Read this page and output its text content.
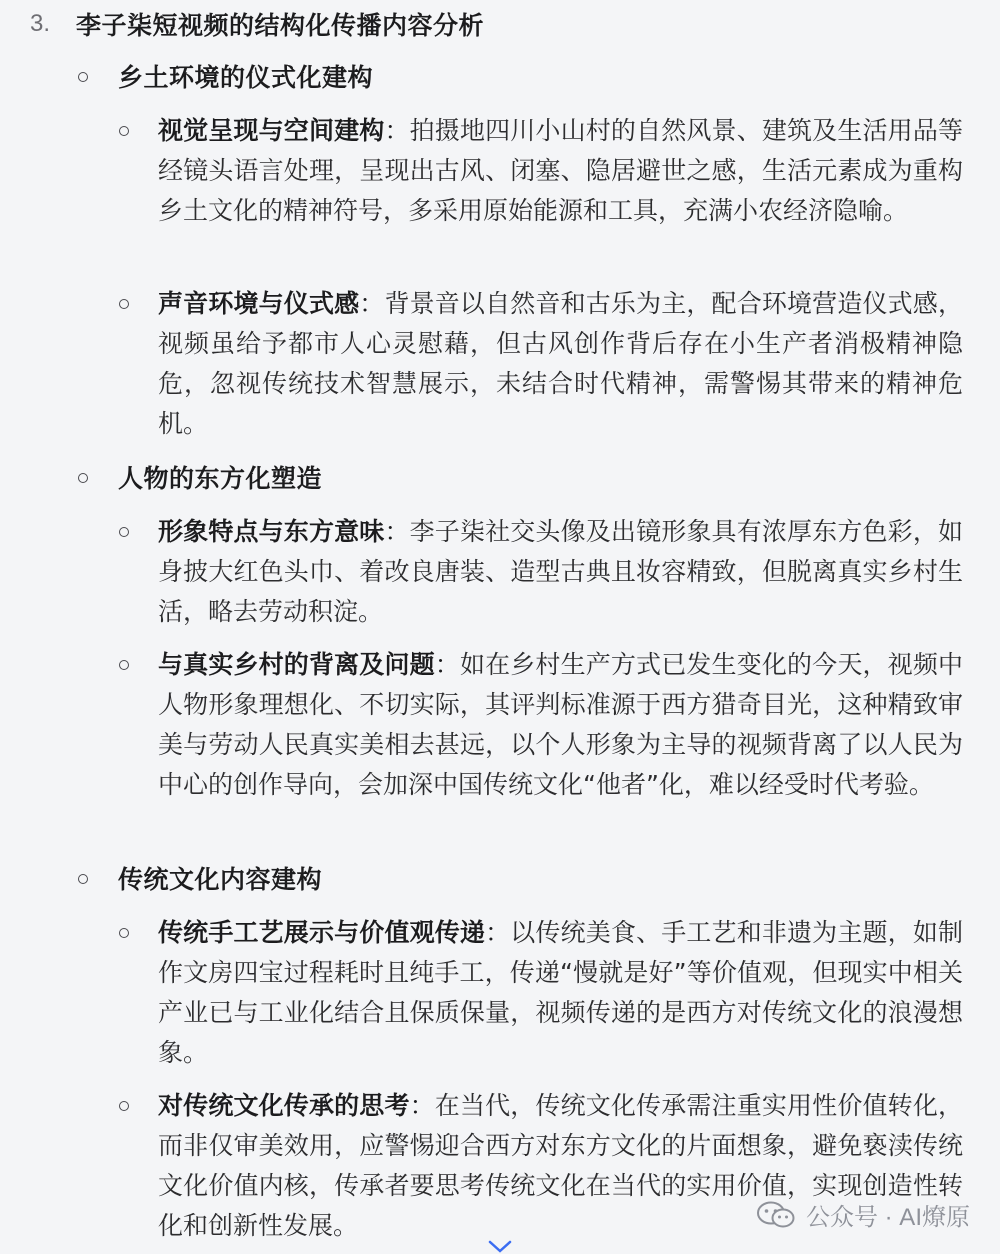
3.	李子柒短视频的结构化传播内容分析
乡土环境的仪式化建构
视觉呈现与空间建构：拍摄地四川小山村的自然风景、建筑及生活用品等经镜头语言处理，呈现出古风、闭塞、隐居避世之感，生活元素成为重构乡土文化的精神符号，多采用原始能源和工具，充满小农经济隐喻。
声音环境与仪式感：背景音以自然音和古乐为主，配合环境营造仪式感，视频虽给予都市人心灵慰藉，但古风创作背后存在小生产者消极精神隐危，忽视传统技术智慧展示，未结合时代精神，需警惕其带来的精神危机。
人物的东方化塑造
形象特点与东方意味：李子柒社交头像及出镜形象具有浓厚东方色彩，如身披大红色头巾、着改良唐装、造型古典且妆容精致，但脱离真实乡村生活，略去劳动积淀。
与真实乡村的背离及问题：如在乡村生产方式已发生变化的今天，视频中人物形象理想化、不切实际，其评判标准源于西方猎奇目光，这种精致审美与劳动人民真实美相去甚远，以个人形象为主导的视频背离了以人民为中心的创作导向，会加深中国传统文化“他者”化，难以经受时代考验。
传统文化内容建构
传统手工艺展示与价值观传递：以传统美食、手工艺和非遗为主题，如制作文房四宝过程耗时且纯手工，传递“慢就是好”等价值观，但现实中相关产业已与工业化结合且保质保量，视频传递的是西方对传统文化的浪漫想象。
对传统文化传承的思考：在当代，传统文化传承需注重实用性价值转化，而非仅审美效用，应警惕迎合西方对东方文化的片面想象，避免亵渎传统文化价值内核，传承者要思考传统文化在当代的实用价值，实现创造性转化和创新性发展。	公众号 · AI燎原
